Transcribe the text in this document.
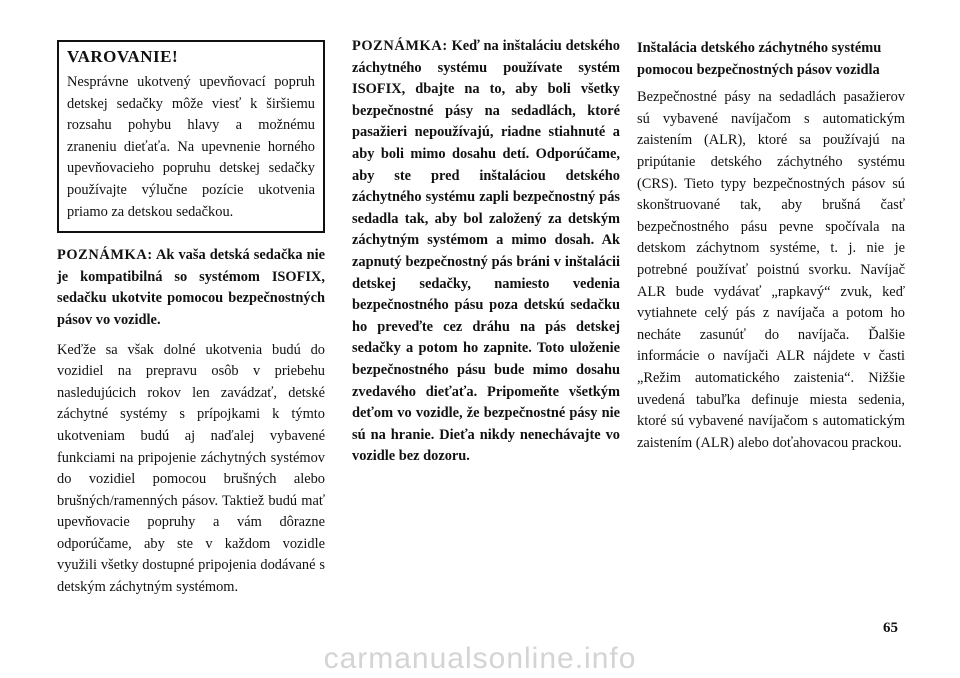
VAROVANIE!

Nesprávne ukotvený upevňovací popruh detskej sedačky môže viesť k širšiemu rozsahu pohybu hlavy a možnému zraneniu dieťaťa. Na upevnenie horného upevňovacieho popruhu detskej sedačky používajte výlučne pozície ukotvenia priamo za detskou sedačkou.

POZNÁMKA: Ak vaša detská sedačka nie je kompatibilná so systémom ISOFIX, sedačku ukotvite pomocou bezpečnostných pásov vo vozidle.

Keďže sa však dolné ukotvenia budú do vozidiel na prepravu osôb v priebehu nasledujúcich rokov len zavádzať, detské záchytné systémy s prípojkami k týmto ukotveniam budú aj naďalej vybavené funkciami na pripojenie záchytných systémov do vozidiel pomocou brušných alebo brušných/ramenných pásov. Taktiež budú mať upevňovacie popruhy a vám dôrazne odporúčame, aby ste v každom vozidle využili všetky dostupné pripojenia dodávané s detským záchytným systémom.

POZNÁMKA: Keď na inštaláciu detského záchytného systému používate systém ISOFIX, dbajte na to, aby boli všetky bezpečnostné pásy na sedadlách, ktoré pasažieri nepoužívajú, riadne stiahnuté a aby boli mimo dosahu detí. Odporúčame, aby ste pred inštaláciou detského záchytného systému zapli bezpečnostný pás sedadla tak, aby bol založený za detským záchytným systémom a mimo dosah. Ak zapnutý bezpečnostný pás bráni v inštalácii detskej sedačky, namiesto vedenia bezpečnostného pásu poza detskú sedačku ho preveďte cez dráhu na pás detskej sedačky a potom ho zapnite. Toto uloženie bezpečnostného pásu bude mimo dosahu zvedavého dieťaťa. Pripomeňte všetkým deťom vo vozidle, že bezpečnostné pásy nie sú na hranie. Dieťa nikdy nenechávajte vo vozidle bez dozoru.

Inštalácia detského záchytného systému pomocou bezpečnostných pásov vozidla

Bezpečnostné pásy na sedadlách pasažierov sú vybavené navíjačom s automatickým zaistením (ALR), ktoré sa používajú na pripútanie detského záchytného systému (CRS). Tieto typy bezpečnostných pásov sú skonštruované tak, aby brušná časť bezpečnostného pásu pevne spočívala na detskom záchytnom systéme, t. j. nie je potrebné používať poistnú svorku. Navíjač ALR bude vydávať „rapkavý“ zvuk, keď vytiahnete celý pás z navíjača a potom ho necháte zasunúť do navíjača. Ďalšie informácie o navíjači ALR nájdete v časti „Režim automatického zaistenia“. Nižšie uvedená tabuľka definuje miesta sedenia, ktoré sú vybavené navíjačom s automatickým zaistením (ALR) alebo doťahovacou prackou.

65
carmanualsonline.info
